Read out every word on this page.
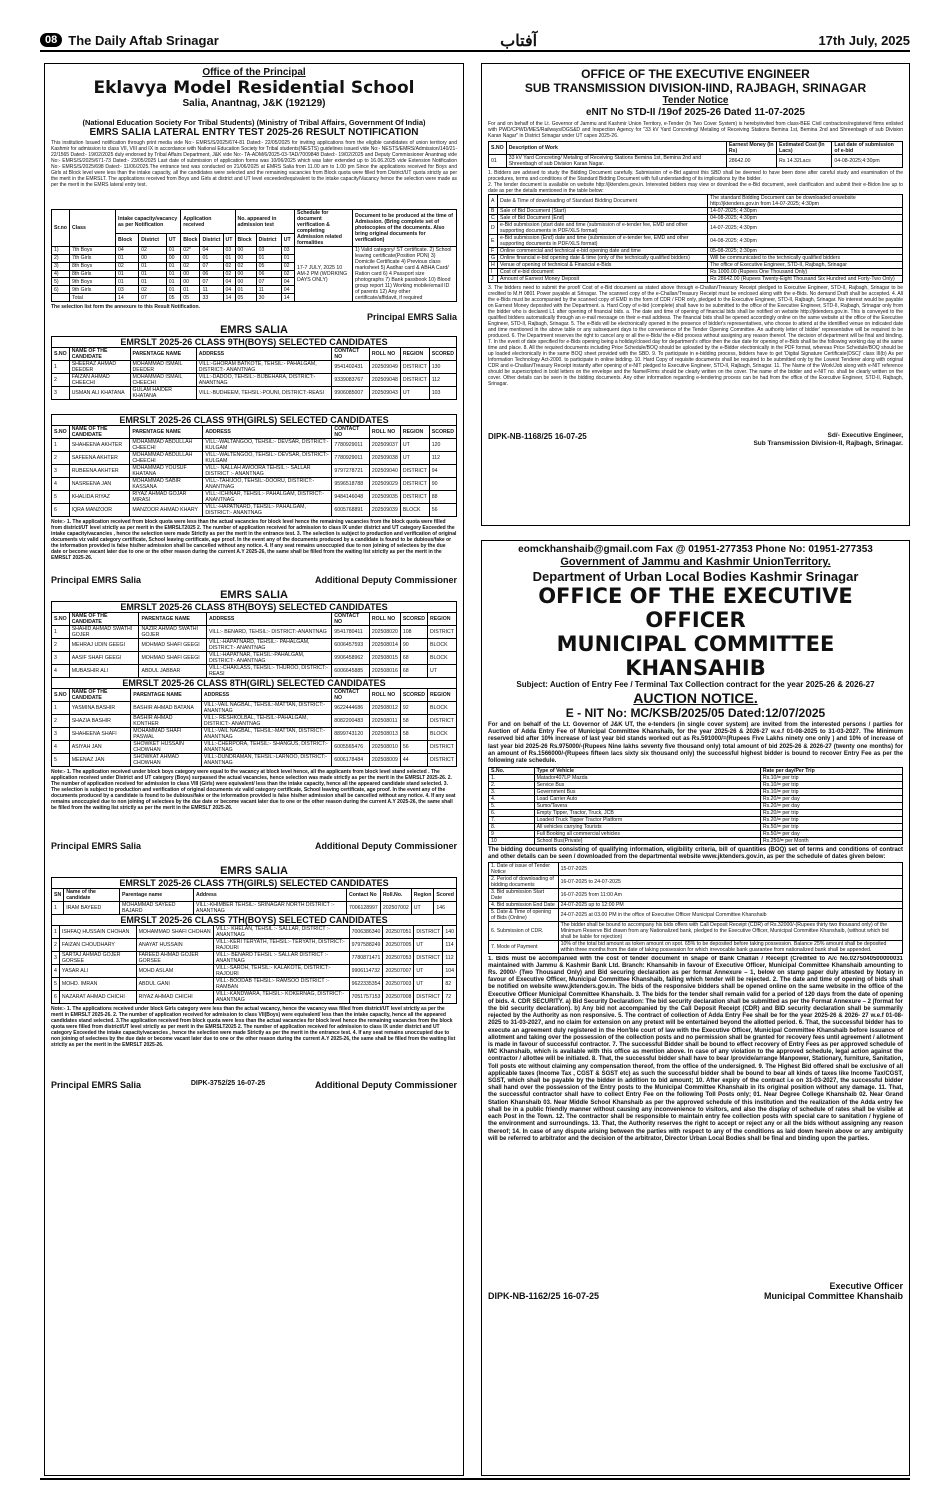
08 The Daily Aftab Srinagar	آفتاب	17th July, 2025
Office of the Principal
Eklavya Model Residential School
Salia, Anantnag, J&K (192129)
(National Education Society For Tribal Students) (Ministry of Tribal Affairs, Government Of India)
EMRS SALIA LATERAL ENTRY TEST 2025-26 RESULT NOTIFICATION
This institution Issued notification through print media vide No:- EMRS/S/2025/674-81 Dated:- 22/05/2025 for inviting applications from the eligible candidates of union territory and Kashmir for admission to class VII, VIII and IX in accordance with National Education Society for Tribal students(NESTS) guidelines issued vide No:- NESTS/EMRS/Admission/140/21-22/1565 Dated:- 19/02/2025 duly endorsed by Tribal Affairs Department, J&K vide No:- TA-ADM/6/2025-03-TAD/7009848 Dated:- 19/02/2025 and Deputy Commissioner Anantnag vide No:- EMRS/S/2025/671-73 Dated:- 23/05/2025 Last date of submission of application forms was 10/06/2025 which was later extended up to 16.06.2025 vide Extension Notification No:- EMRS/S/2025/698 Dated:- 11/06/2025.The entrance test was conducted on 21/06/2025 at EMRS Salia from 11.00 am to 1.00 pm Since the applications received for Boys and Girls at Block level were less than the intake capacity, all the candidates were selected and the remaining vacancies from Block quota were filled from District/UT quota strictly as per the merit in the EMRSLT. The applications received from Boys and Girls at district and UT level exceeded/equivalent to the intake capacity/Vacancy hence the selection were made as per the merit in the EMRS lateral entry test.
Sr.no	Class	Intake capacity/vacancy as per Notification			Application received			No. appeared in admission test			Schedule for document verification & completing Admission related formalities	Document to be produced at the time of Admission. (Bring complete set of photocopies of the documents. Also bring original documents for verification)
		Block	District	UT	Block	District	UT	Block	District	UT		
1)	7th Boys	04	02	01	02*	04	03	00	03	03	17-7 JULY, 2025 10 AM-2 PM (WORKING DAYS ONLY)	1) Valid category/ ST certificate. 2) School leaving certificate(Position PDN) 3) Domicile Certificate 4) Previous class marksheet 5) Aadhar card & ABHA Card/ Ration card 6) 4 Passport size photographs 7) Bank passbook 10) Blood group report 11) Working mobile/email ID of parents 12) Any other certificate/affidavit, if required
2)	7th Girls	01	00	00	00	01	01	00	01	01		
3)	8th Boys	02	01	01	02	07	02	02	05	02		
4)	8th Girls	01	01	01	00	06	02	00	06	02		
5)	9th Boys	01	01	01	00	07	04	00	07	04		
6)	9th Girls	03	02	01	01	11	04	01	11	04		
	Total	14	07	05	05	33	14	05	30	14		
The selection list form the annexure to this Result Notification.
Principal EMRS Salia
EMRS SALIA
EMRSLT 2025-26 CLASS 9TH(BOYS) SELECTED CANDIDATES
S.NO	NAME OF THE CANDIDATE	PARENTAGE NAME	ADDRESS	CONTACT NO	ROLL NO	REGION	SCORED
1	SHEERAZ AHMAD DEEDER	MOHAMMAD ISMAIL DEEDER	VILL:-GHORAM BATKOTE, TEHSIL:- PAHALGAM, DISTRICT:- ANANTNAG	9541402431	202509049	DISTRICT	130
2	FAIZAN AHMAD CHEECHI	MOHAMMAD ISMAIL CHEECHI	VILL:-DADOO, TEHSIL:- BIJBEHARA, DISTRICT:- ANANTNAG	9339083767	202509048	DISTRICT	112
3	USMAN ALI KHATANA	GULAM HAIDER KHATANA	VILL:-BUDHEEM, TEHSIL:-POUNI, DISTRICT:-REASI	9906085007	202509043	UT	103
EMRSLT 2025-26 CLASS 9TH(GIRLS) SELECTED CANDIDATES
S.NO	NAME OF THE CANDIDATE	PARENTAGE NAME	ADDRESS	CONTACT NO	ROLL NO	REGION	SCORED
1	SHAHEENA AKHTER	MOHAMMAD ABDULLAH CHEECHI	VILL:-WALTANGOO, TEHSIL:- DEVSAR, DISTRICT:-KULGAM	7780929011	202509037	UT	120
2	SAFEENA AKHTER	MOHAMMAD ABDULLAH CHEECHI	VILL:-WALTENGOO, TEHSIL:- DEVSAR, DISTRICT:-KULGAM	7780929011	202509038	UT	112
3	RUBEENA AKHTER	MOHAMMAD YOUSUF KHATANA	VILL:- NALLAH AWOORA TEHSIL :- SALLAR DISTRICT :- ANANTNAG	9797278721	202509040	DISTRICT	94
4	NASREENA JAN	MOHAMMAD SABIR KASSANA	VILL:-TAHIJOO, TEHSIL:-DOORU, DISTRICT:-ANANTNAG	9596518788	202509029	DISTRICT	90
5	KHALIDA RIYAZ	RIYAZ AHMAD GOJAR MIRASI	VILL:-ICHINAR, TEHSIL:- PAHALGAM, DISTRICT:- ANANTNAG	9484146048	202509035	DISTRICT	88
6	IQRA MANZOOR	MANZOOR AHMAD KHARY	VILL:-HAPATNARD, TEHSIL:- PAHALGAM, DISTRICT:- ANANTNAG	6005768891	202509039	BLOCK	56
Note:- 1. The application received from block quota were less than the actual vacancies for block level hence the remaining vacancies from the block quota were filled from district/UT level strictly as per merit in the EMRSLT2025 2. The number of application received for admission to class IX under district and UT category Exceeded the intake capacity/vacancies , hence the selection were made Strictly as per the merit in the entrance test. 3. The selection is subject to production and verification of original documents viz valid category certificate, School leaving certificate, age proof. In the event any of the documents produced by a candidate is found to be dubious/fake or the information provided is false his/her admission shall be cancelled without any notice. 4. If any seat remains unoccupied due to non joining of selectees by the due date or become vacant later due to one or the other reason during the current A.Y 2025-26, the same shall be filled from the waiting list strictly as per the merit in the EMRSLT 2025-26.
Principal EMRS Salia	Additional Deputy Commissioner
EMRS SALIA
EMRSLT 2025-26 CLASS 8TH(BOYS) SELECTED CANDIDATES
S.NO	NAME OF THE CANDIDATE	PARENTAGE NAME	ADDRESS	CONTACT NO	ROLL NO	SCORED	REGION
1	SHAHID AHMAD SWATHI GOJER	NAZIR AHMAD SWATHI GOJER	VILL:- BENARD, TEHSIL:- DISTRICT:-ANANTNAG	9541780411	202508020	108	DISTRICT
2	MEHRAJ UDIN GEEGI	MOHMAD SHAFI GEEGI	VILL:-HAPATNARD, TEHSIL:- PAHALGAM, DISTRICT:- ANANTNAG	6006457593	202508014	90	BLOCK
3	AASIF SHAFI GEEGI	MOHMAD SHAFI GEEGI	VILL:-HAPATNAR, TEHSIL:-PAHALGAM, DISTRICT:- ANANTNAG	9906458962	202508015	68	BLOCK
4	MUBASHIR ALI	ABDUL JABBAR	VILL:-CHAKLASS, TEHSIL:- THUROO, DISTRICT:-REASI	6006645885	202508016	68	UT
EMRSLT 2025-26 CLASS 8TH(GIRL) SELECTED CANDIDATES
S.NO	NAME OF THE CANDIDATE	PARENTAGE NAME	ADDRESS	CONTACT NO	ROLL NO	SCORED	REGION
1	YASMINA BASHIR	BASHIR AHMAD BATANA	VILL:-VAIL NAGBAL, TEHSIL:-MATTAN, DISTRICT:- ANANTNAG	9622444686	202508012	92	BLOCK
2	SHAZIA BASHIR	BASHIR AHMAD KONTHER	VILL:- RESHKOLBAL, TEHSIL:-PAHALGAM, DISTRICT:- ANANTNAG	8082200483	202508011	58	DISTRICT
3	SHAHEENA SHAFI	MOHAMMAD SHAFI PASWAL	VILL:-VAIL NAGBAL, TEHSIL:-MATTAN, DISTRICT:- ANANTNAG	8899743120	202508013	58	BLOCK
4	ASIYAH JAN	SHOWKET HUSSAIN CHOWHAN	VILL:-CHERPORA, TEHSIL:- SHANGUS, DISTRICT:- ANANTNAG	6005565476	202508010	56	DISTRICT
5	MEENAZ JAN	SHOWKAT AHMAD CHOWHAN	VILL:-DUNDRAMAN, TEHSIL:-LARNOO, DISTRICT:- ANANTNAG	6006178484	202508009	44	DISTRICT
Note:- 1. The application received under block boys category were equal to the vacancy at block level hence, all the applicants from block level stand selected . The application received under District and UT category (Boys) surpassed the actual vacancies, hence selection was made strictly as per the merit in the EMRSLT 2025-26. 2. The number of application received for admission to class VIII (Girls) were equivalent/ less than the intake capacity, hence all the appeared candidate stand selected. 3. The selection is subject to production and verification of original documents viz valid category certificate, School leaving certificate, age proof. In the event any of the documents produced by a candidate is found to be dubious/fake or the information provided is false his/her admission shall be cancelled without any notice. 4. If any seat remains unoccupied due to non joining of selectees by the due date or become vacant later due to one or the other reason during the current A.Y 2025-26, the same shall be filled from the waiting list strictly as per the merit in the EMRSLT 2025-26.
Principal EMRS Salia	Additional Deputy Commissioner
EMRS SALIA
EMRSLT 2025-26 CLASS 7TH(GIRLS) SELECTED CANDIDATES
SN	Name of the candidate	Parentage name	Address	Contact No	Roll.No.	Region	Scored
1	IRAM BAYEED	MOHAMMAD SAYEED BAJARD	VILL:-KHIMBER TEHSIL:- SRINAGAR NORTH DISTRICT :- ANANTNAG	7006128997	202507002	UT	146
EMRSLT 2025-26 CLASS 7TH(BOYS) SELECTED CANDIDATES
1	ISHFAQ HUSSAIN CHOHAN	MOHAMMAD SHAFI CHOHAN	VILL:- KHELAN, TEHSIL :- SALLAR, DISTRICT :- ANANTNAG	7006386340	202507051	DISTRICT	140
2	FAIZAN CHOUDHARY	ANAYAT HUSSAIN	VILL:-KERI TERYATH, TEHSIL:- TERYATH, DISTRICT:-RAJOURI	9797588249	202507005	UT	114
3	SARTAJ AHMAD GOJER GORSEE	FAREED AHMAD GOJER GORSEE	VILL:- BENARD TEHSIL :- SALLAR DISTRICT :- ANANTNAG	7780871471	202507053	DISTRICT	112
4	YASAR ALI	MOHD ASLAM	VILL:-SAROH, TEHSIL:- KALAKOTE, DISTRICT:- RAJOURI	9906114732	202507007	UT	104
5	MOHD. IMRAN	ABDUL GANI	VILL:-BOODAB TEHSIL:- RAMSOO DISTRICT :- RAMBAN	9622335354	202507003	UT	82
6	NAZARAT AHMAD CHICHI	RIYAZ AHMAD CHICHI	VILL:-KANDWARA, TEHSIL:- KOKERNAG, DISTRICT:- ANANTNAG	7051757153	202507008	DISTRICT	72
Note:- 1. The applications received under block Girls category were less than the actual vacancy, hence the vacancy was filled from district/UT level strictly as per the merit in EMRSLT 2025-26. 2. The number of application received for admission to class VII(Boys) were equivalent/ less than the intake capacity, hence all the appeared candidates stand selected. 3.The application received from block quota were less than the actual vacancies for block level hence the remaining vacancies from the block quota were filled from district/UT level strictly as per merit in the EMRSLT2025 2. The number of application received for admission to class IX under district and UT category Exceeded the intake capacity/vacancies , hence the selection were made Strictly as per the merit in the entrance test. 4. If any seat remains unoccupied due to non joining of selectees by the due date or become vacant later due to one or the other reason during the current A.Y 2025-26, the same shall be filled from the waiting list strictly as per the merit in the EMRSLT 2025-26.
Principal EMRS Salia	DIPK-3752/25 16-07-25	Additional Deputy Commissioner
OFFICE OF THE EXECUTIVE ENGINEER
SUB TRANSMISSION DIVISION-IIND, RAJBAGH, SRINAGAR
Tender Notice
eNIT No STD-II /19of 2025-26 Dated 11-07-2025
For and on behalf of the Lt. Governor of Jammu and Kashmir Union Territory, e-Tender (In Two Cover System) is herebyinvited from class-BEE Civil contractors/registered firms enlisted with PWD/CPWD/MES/Railways/DGS&D and Inspection Agency for "33 kV Yard Concreting/ Metaling of Receiving Stations Bemina 1st, Bemina 2nd and Shreenbagh of sub Division Karan Nagar" in District Srinagar under UT capex 2025-26.
S.NO	Description of Work	Earnest Money (In Rs)	Estimated Cost (In Lacs)	Last date of submission of e-bid
01	33 kV Yard Concreting/ Metaling of Receiving Stations Bemina 1st, Bemina 2nd and Shreenbagh of sub Division Karan Nagar.	28642.00	Rs 14.32Lacs	04-08-2025;4:30pm
1. Bidders are advised to study the Bidding Document carefully. Submission of e-Bid against this SBD shall be deemed to have been done after careful study and examination of the procedures, terms and conditions of the Standard Bidding Document with full understanding of its implications by the bidder.
2. The tender document is available on website http://jktenders.gov.in. Interested bidders may view or download the e-Bid document, seek clarification and submit their e-Bidon line up to date as per the details mentioned in the table below:
A	Date & Time of downloading of Standard Bidding Document	The standard Bidding Document can be downloaded onwebsite http://jktenders.gov.in from 14-07-2025; 4:30pm
B	Sale of Bid Document (Start)	14-07-2025; 4:30pm
C	Sale of Bid Document (End)	04-08-2025; 4:30pm
D	e-Bid submission (start date and time (submission of e-tender fee, EMD and other supporting documents in PDF/XLS format)	14-07-2025; 4:30pm
E	e-Bid submission (End) date and time (submission of e-tender fee, EMD and other supporting documents in PDF/XLS format)	04-08-2025; 4:30pm
F	Online commercial and technical e-bid opening date and time	05-08-2025; 2:30pm
G	Online financial e-bid opening date & time (only of the technically qualified bidders)	Will be communicated to the technically qualified bidders
H	Venue of opening of technical & Financial e-Bids	The office of Executive Engineer, STD-II, Rajbagh, Srinagar
I	Cost of e-bid document	Rs 1000.00 (Rupees One Thousand Only)
J	Amount of Earnest Money Deposit	Rs 28642.00 (Rupees Twenty-Eight Thousand Six Hundred and Forty-Two Only)
3. The bidders need to submit the proof/ Cost of e-Bid document as stated above through e-Challan/Treasury Receipt pledged to Executive Engineer, STD-II, Rajbagh, Srinagar to be credited to M.H 0801 Power payable at Srinagar. The scanned copy of the e-Challan/Treasury Receipt must be enclosed along with the e-Bids. No demand Draft shall be accepted. 4. All the e-Bids must be accompanied by the scanned copy of EMD in the form of CDR / FDR only, pledged to the Executive Engineer, STD-II, Rajbagh, Srinagar. No interest would be payable on Earnest Money deposited with the Department. a. Hard Copy of e-bid (complete) shall have to be submitted to the office of the Executive Engineer, STD-II, Rajbagh, Srinagar only from the bidder who is declared L1 after opening of financial bids. a. The date and time of opening of financial bids shall be notified on website http://jktenders.gov.in. This is conveyed to the qualified bidders automatically through an e-mail message on their e-mail address. The financial bids shall be opened accordingly online on the same website at the office of the Executive Engineer, STD-II, Rajbagh, Srinagar. 5. The e-Bids will be electronically opened in the presence of bidder's representatives, who choose to attend at the identified venue on indicated date and time mentioned in the above table or any subsequent days to the convenience of the Tender Opening Committee. An authority letter of bidder' representative will be required to be produced. 6. The Department reserves the right to cancel any or all the e-Bids/ the e-Bid process without assigning any reason thereof. The decision of department will be final and binding. 7. In the event of date specified for e-Bids opening being a holiday/closed day for department's office then the due date for opening of e-Bids shall be the following working day at the same time and place. 8. All the required documents including Price Schedule/BOQ should be uploaded by the e-Bidder electronically in the PDF format, whereas Price Schedule/BOQ should be up loaded electronically in the same BOQ sheet provided with the SBD. 9. To participate in e-bidding process, bidders have to get 'Digital Signature Certificate(DSC)' class III(b) As per Information Technology Act-2000. to participate in online bidding. 10. Hard Copy of requisite documents shall be required to be submitted only by the Lowest Tenderer along with original CDR and e-Challan/Treasury Receipt instantly after opening of e-NIT pledged to Executive Engineer, STD-II, Rajbagh, Srinagar. 11. The Name of the Work/Job along with e-NIT reference should be superscripted in bold letters on the envelope and the Name/Firms should be clearly written on the cover. The name of the bidder and e-NIT no. shall be clearly written on the cover. Other details can be seen in the bidding documents. Any other information regarding e-tendering process can be had from the office of the Executive Engineer, STD-II, Rajbagh, Srinagar.
DIPK-NB-1168/25 16-07-25	Sd/- Executive Engineer,
Sub Transmission Division-II, Rajbagh, Srinagar.
eomckhanshaib@gmail.com Fax @ 01951-277353 Phone No: 01951-277353
Government of Jammu and Kashmir UnionTerritory.
Department of Urban Local Bodies Kashmir Srinagar
OFFICE OF THE EXECUTIVE OFFICER
MUNICIPAL COMMITTEE KHANSAHIB
Subject: Auction of Entry Fee / Terminal Tax Collection contract for the year 2025-26 & 2026-27
AUCTION NOTICE.
E - NIT No: MC/KSB/2025/05 Dated:12/07/2025
For and on behalf of the Lt. Governor of J&K UT, the e-tenders (in single cover system) are invited from the interested persons / parties for Auction of Adda Entry Fee of Municipal Committee Khanshaib, for the year 2025-26 & 2026-27 w.e.f 01-08-2025 to 31-03-2027. The Minimum reserved bid after 10% increase of last year bid stands worked out as Rs.591000/=(Rupees Five Lakhs ninety one only ) and 10% of increase of last year bid 2025-26 Rs.975000/-(Rupees Nine lakhs seventy five thousand only) total amount of bid 2025-26 & 2026-27 (twenty one months) for an amount of Rs.1566000/-(Rupees fifteen lacs sixty six thousand only) the successful highest bidder is bound to recover Entry Fee as per the following rate schedule.
S.No.	Type of Vehicle	Rate per day/Per Trip
1.	Matador407LP Mazda	Rs.10/= per trip
2.	Service Bus	Rs.10/= per trip
3.	Government Bus	Rs.10/= per trip
4.	Load Carrier Auto	Rs.20/= per day
5.	Sumo/Tavera	Rs.20/= per day
6.	Empty Tipper, Tractor, Truck, JCB	Rs.20/= per trip
7.	Loaded Truck Tipper Tractor Platform	Rs.20/= per trip
8.	All vehicles carrying Tourists	Rs.50/= per trip
9	Full Booking all commercial vehicles	Rs.50/= per day
10	School Bus(Private)	Rs.250/= per Month
The bidding documents consisting of qualifying information, eligibility criteria, bill of quantities (BOQ) set of terms and conditions of contract and other details can be seen / downloaded from the departmental website www.jktenders.gov.in, as per the schedule of dates given below:
1. Date of issue of Tender Notice	15-07-2025
2. Period of downloading of bidding documents	16-07-2025 to 24-07-2025
3. Bid submission Start Date	16-07-2025 from 11:00 Am
4. Bid submission End Date	24-07-2025 up to 12:00 PM
5. Date & Time of opening of Bids (Online)	24-07-2025 at 03.00 PM in the office of Executive Officer Municipal Committee Khanshaib
6. Submission of CDR.	The bidder shall be bound to accompany his bids offers with Call Deposit Receipt (CDR) of Rs.32000/-(Rupees thirty two thousand only) of the Minimum Reserve Bid drawn from any Nationalized bank, pledged to the Executive Officer, Municipal Committee Khanshaib, (without which bid shall be liable for rejection)
7. Mode of Payment	10% of the total bid amount as token amount on spot. 65% to be deposited before taking possession. Balance 25% amount shall be deposited within three months from the date of taking possession for which irrevocable bank guarantee from nationalized bank shall be appended.
1. Bids must be accompanied with the cost of tender document in shape of Bank Challan / Receipt (Credited to A/c No.0275040500000031 maintained with Jammu & Kashmir Bank Ltd. Branch: Khansahib in favour of Executive Officer, Municipal Committee Khanshaib amounting to Rs. 2000/- (Two Thousand Only) and Bid securing declaration as per format Annexure – 1, below on stamp paper duly attested by Notary in favour of Executive Officer, Municipal Committee Khanshaib, failing which tender will be rejected. 2. The date and time of opening of bids shall be notified on website www.jktenders.gov.in. The bids of the responsive bidders shall be opened online on the same website in the office of the Executive Officer Municipal Committee Khanshaib. 3. The bids for the tender shall remain valid for a period of 120 days from the date of opening of bids. 4. CDR SECURITY. a) Bid Security Declaration: The bid security declaration shall be submitted as per the Format Annexure – 2 (format for the bid security declaration). b) Any bid not accompanied by the Call Deposit Receipt (CDR) and BID security declaration shall be summarily rejected by the Authority as non responsive. 5. The contract of collection of Adda Entry Fee shall be for the year 2025-26 & 2026- 27 w.e.f 01-08-2025 to 31-03-2027, and no claim for extension on any pretext will be entertained beyond the allotted period. 6. That, the successful bidder has to execute an agreement duly registered in the Hon'ble court of law with the Executive Officer, Municipal Committee Khanshaib before issuance of allotment and taking over the possession of the collection posts and no permission shall be granted for recovery fees until agreement / allotment is made in favour of successful contractor. 7. The successful Bidder shall be bound to effect recovery of Entry Fees as per approved schedule of MC Khanshaib, which is available with this office as mention above. In case of any violation to the approved schedule, legal action against the contractor / allottee will be initiated. 8. That, the successful bidder shall have to bear /provide/arrange Manpower, Stationary, furniture, Sanitation, Toll posts etc without claiming any compensation thereof, from the office of the undersigned. 9. The Highest Bid offered shall be exclusive of all applicable taxes (Income Tax , CGST & SGST etc) as such the successful bidder shall be bound to bear all kinds of taxes like Income Tax/CGST, SGST, which shall be payable by the bidder in addition to bid amount; 10. After expiry of the contract i.e on 31-03-2027, the successful bidder shall hand over the possession of the Entry posts to the Municipal Committee Khanshaib in its original position without any damage. 11. That, the successful contractor shall have to collect Entry Fee on the following Toll Posts only; 01. Near Degree College Khanshaib 02. Near Grand Station Khanshaib 03. Near Middle School Khanshaib as per the approved schedule of this institution and the realization of the Adda entry fee shall be in a public friendly manner without causing any inconvenience to visitors, and also the display of schedule of rates shall be visible at each Post in the Town. 12. The contractor shall be responsible to maintain entry fee collection posts with special care to sanitation / hygiene of the environment and surroundings. 13. That, the Authority reserves the right to accept or reject any or all the bids without assigning any reason thereof; 14. In case of any dispute arising between the parties with respect to any of the conditions as laid down herein above or any ambiguity will be referred to arbitrator and the decision of the arbitrator, Director Urban Local Bodies shall be final and binding upon the parties.
Executive Officer
DIPK-NB-1162/25 16-07-25	Municipal Committee Khanshaib
